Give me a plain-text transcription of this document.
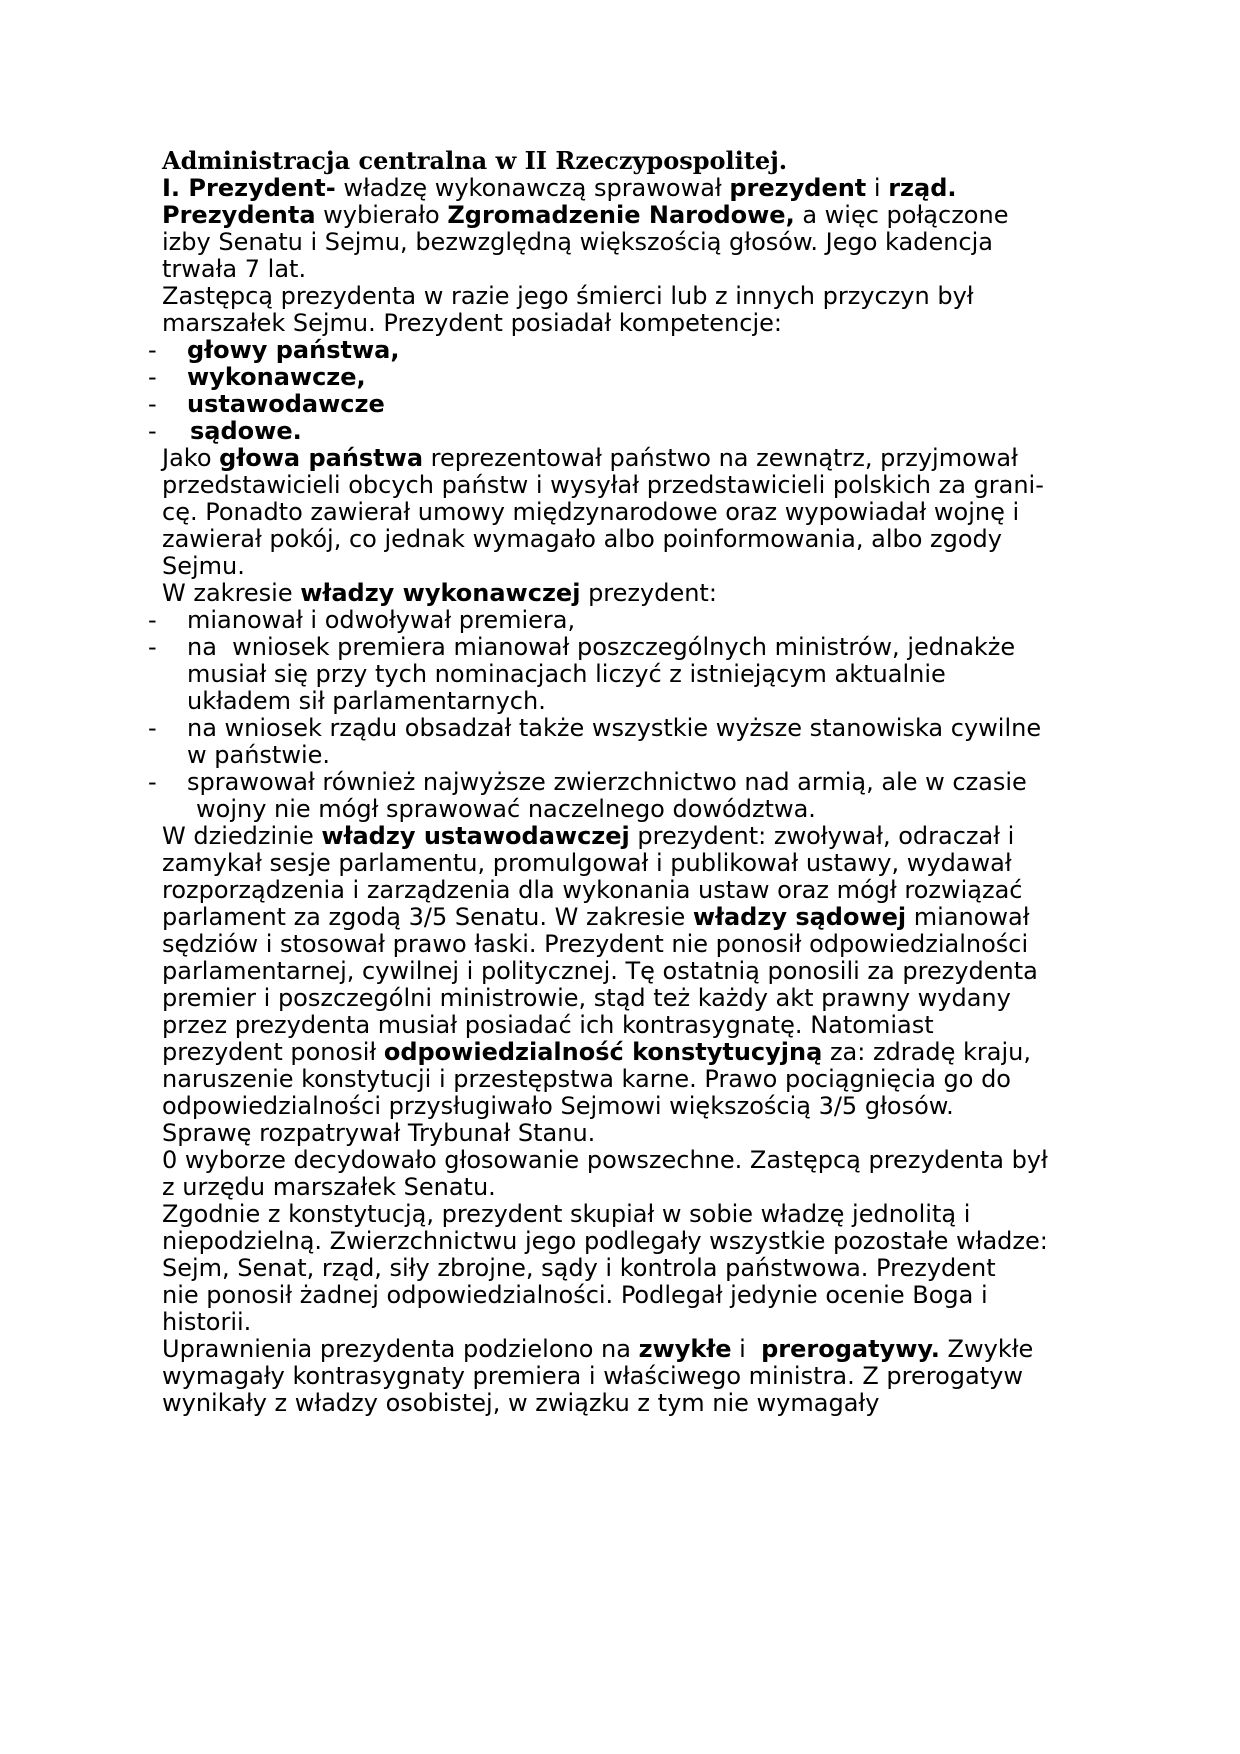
Administracja centralna w II Rzeczypospolitej.
I. Prezydent- władzę wykonawczą sprawował prezydent i rząd.
Prezydenta wybierało Zgromadzenie Narodowe, a więc połączone
izby Senatu i Sejmu, bezwzględną większością głosów. Jego kadencja
trwała 7 lat.
Zastępcą prezydenta w razie jego śmierci lub z innych przyczyn był
marszałek Sejmu. Prezydent posiadał kompetencje:
głowy państwa,
-
wykonawcze,
-
ustawodawcze
-
sądowe.
-
Jako głowa państwa reprezentował państwo na zewnątrz, przyjmował
przedstawicieli obcych państw i wysyłał przedstawicieli polskich za grani-
cę. Ponadto zawierał umowy międzynarodowe oraz wypowiadał wojnę i
zawierał pokój, co jednak wymagało albo poinformowania, albo zgody
Sejmu.
W zakresie władzy wykonawczej prezydent:
mianował i odwoływał premiera,
-
na  wniosek premiera mianował poszczególnych ministrów, jednakże
-
musiał się przy tych nominacjach liczyć z istniejącym aktualnie
układem sił parlamentarnych.
na wniosek rządu obsadzał także wszystkie wyższe stanowiska cywilne
-
w państwie.
sprawował również najwyższe zwierzchnictwo nad armią, ale w czasie
-
wojny nie mógł sprawować naczelnego dowództwa.
W dziedzinie władzy ustawodawczej prezydent: zwoływał, odraczał i
zamykał sesje parlamentu, promulgował i publikował ustawy, wydawał
rozporządzenia i zarządzenia dla wykonania ustaw oraz mógł rozwiązać
parlament za zgodą 3/5 Senatu. W zakresie władzy sądowej mianował
sędziów i stosował prawo łaski. Prezydent nie ponosił odpowiedzialności
parlamentarnej, cywilnej i politycznej. Tę ostatnią ponosili za prezydenta
premier i poszczególni ministrowie, stąd też każdy akt prawny wydany
przez prezydenta musiał posiadać ich kontrasygnatę. Natomiast
prezydent ponosił odpowiedzialność konstytucyjną za: zdradę kraju,
naruszenie konstytucji i przestępstwa karne. Prawo pociągnięcia go do
odpowiedzialności przysługiwało Sejmowi większością 3/5 głosów.
Sprawę rozpatrywał Trybunał Stanu.
0 wyborze decydowało głosowanie powszechne. Zastępcą prezydenta był
z urzędu marszałek Senatu.
Zgodnie z konstytucją, prezydent skupiał w sobie władzę jednolitą i
niepodzielną. Zwierzchnictwu jego podlegały wszystkie pozostałe władze:
Sejm, Senat, rząd, siły zbrojne, sądy i kontrola państwowa. Prezydent
nie ponosił żadnej odpowiedzialności. Podlegał jedynie ocenie Boga i
historii.
Uprawnienia prezydenta podzielono na zwykłe i  prerogatywy. Zwykłe
wymagały kontrasygnaty premiera i właściwego ministra. Z prerogatyw
wynikały z władzy osobistej, w związku z tym nie wymagały
